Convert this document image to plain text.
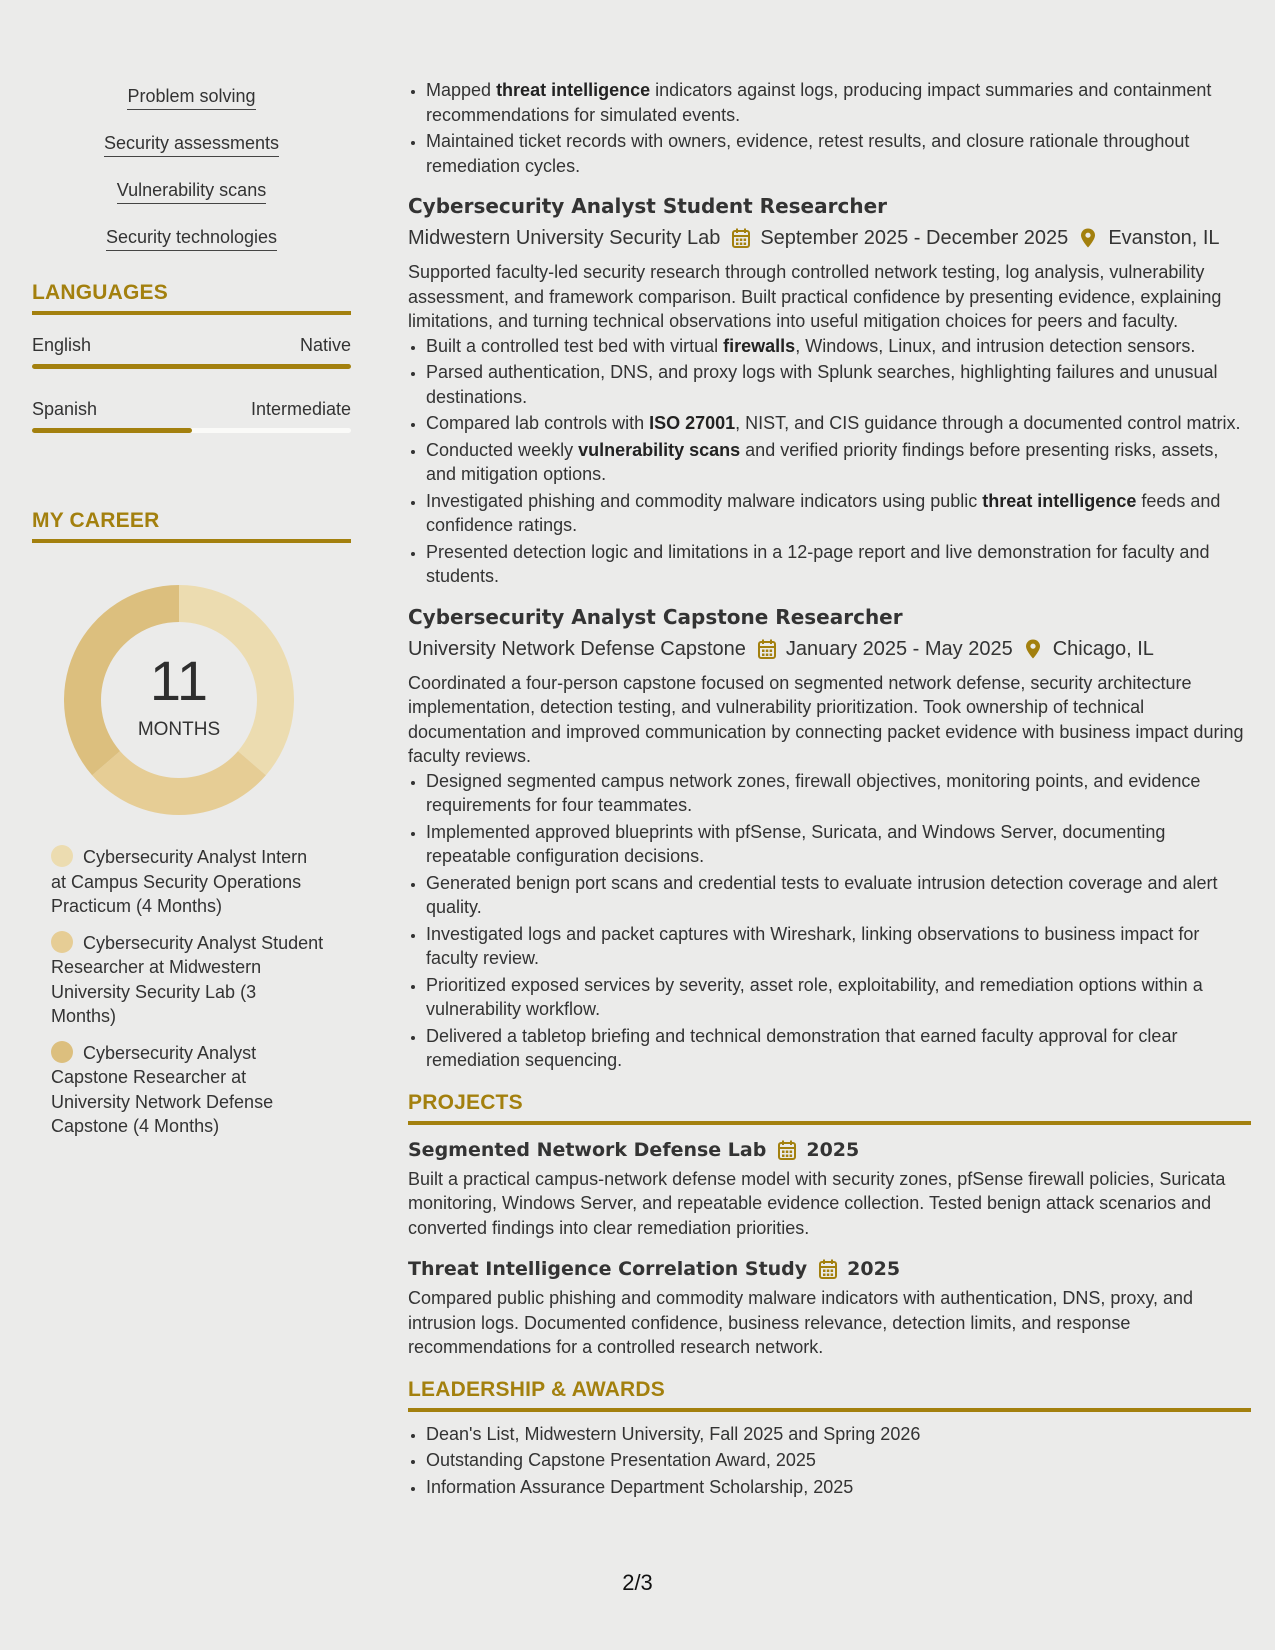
Problem solving
Security assessments
Vulnerability scans
Security technologies
LANGUAGES
English	Native
Spanish	Intermediate
MY CAREER
11
MONTHS
Cybersecurity Analyst Intern at Campus Security Operations Practicum (4 Months)
Cybersecurity Analyst Student Researcher at Midwestern University Security Lab (3 Months)
Cybersecurity Analyst Capstone Researcher at University Network Defense Capstone (4 Months)
• Mapped threat intelligence indicators against logs, producing impact summaries and containment recommendations for simulated events.
• Maintained ticket records with owners, evidence, retest results, and closure rationale throughout remediation cycles.
Cybersecurity Analyst Student Researcher
Midwestern University Security Lab September 2025 - December 2025 Evanston, IL
Supported faculty-led security research through controlled network testing, log analysis, vulnerability assessment, and framework comparison. Built practical confidence by presenting evidence, explaining limitations, and turning technical observations into useful mitigation choices for peers and faculty.
• Built a controlled test bed with virtual firewalls, Windows, Linux, and intrusion detection sensors.
• Parsed authentication, DNS, and proxy logs with Splunk searches, highlighting failures and unusual destinations.
• Compared lab controls with ISO 27001, NIST, and CIS guidance through a documented control matrix.
• Conducted weekly vulnerability scans and verified priority findings before presenting risks, assets, and mitigation options.
• Investigated phishing and commodity malware indicators using public threat intelligence feeds and confidence ratings.
• Presented detection logic and limitations in a 12-page report and live demonstration for faculty and students.
Cybersecurity Analyst Capstone Researcher
University Network Defense Capstone January 2025 - May 2025 Chicago, IL
Coordinated a four-person capstone focused on segmented network defense, security architecture implementation, detection testing, and vulnerability prioritization. Took ownership of technical documentation and improved communication by connecting packet evidence with business impact during faculty reviews.
• Designed segmented campus network zones, firewall objectives, monitoring points, and evidence requirements for four teammates.
• Implemented approved blueprints with pfSense, Suricata, and Windows Server, documenting repeatable configuration decisions.
• Generated benign port scans and credential tests to evaluate intrusion detection coverage and alert quality.
• Investigated logs and packet captures with Wireshark, linking observations to business impact for faculty review.
• Prioritized exposed services by severity, asset role, exploitability, and remediation options within a vulnerability workflow.
• Delivered a tabletop briefing and technical demonstration that earned faculty approval for clear remediation sequencing.
PROJECTS
Segmented Network Defense Lab 2025
Built a practical campus-network defense model with security zones, pfSense firewall policies, Suricata monitoring, Windows Server, and repeatable evidence collection. Tested benign attack scenarios and converted findings into clear remediation priorities.
Threat Intelligence Correlation Study 2025
Compared public phishing and commodity malware indicators with authentication, DNS, proxy, and intrusion logs. Documented confidence, business relevance, detection limits, and response recommendations for a controlled research network.
LEADERSHIP & AWARDS
• Dean's List, Midwestern University, Fall 2025 and Spring 2026
• Outstanding Capstone Presentation Award, 2025
• Information Assurance Department Scholarship, 2025
2/3
